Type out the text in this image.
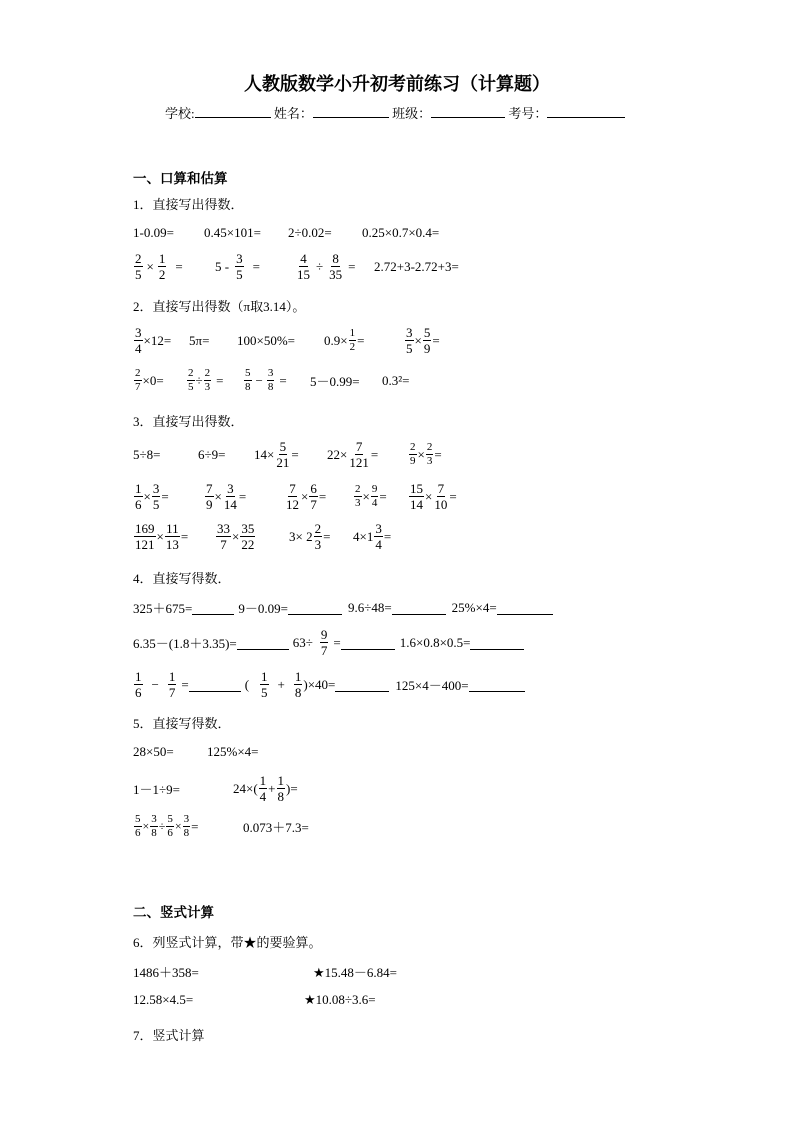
人教版数学小升初考前练习（计算题）
学校:	姓名：	班级：	考号：
一、口算和估算
1．直接写出得数．
1-0.09=	0.45×101=	2÷0.02=	0.25×0.7×0.4=
$\frac{2}{5} \times \frac{1}{2} = 5 - \frac{3}{5}$ =	$\frac{4}{15} \div \frac{8}{35} = 2.72+3-2.72+3=$
2．直接写出得数（π取3.14）。
$\frac{3}{4} \times 12= 5\pi=$	100×50%=	$0.9\times \frac{1}{2}$ =	$\frac{3}{5} \times \frac{5}{9}$ =
$\frac{2}{7} \times 0= \frac{2}{5} \div \frac{2}{3} = \frac{5}{8} - \frac{3}{8} = 5-0.99=$	0.3²=
3．直接写出得数．
5÷8=	6÷9=	$14\times \frac{5}{21} = 22\times \frac{7}{121}$ =	$\frac{2}{9} \times \frac{2}{3}$ =
$\frac{1}{6} \times \frac{3}{5}$ =	$\frac{7}{9} \times \frac{3}{14}$ =	$\frac{7}{12} \times \frac{6}{7}$ =	$\frac{2}{3} \times \frac{9}{4} = \frac{15}{14} \times \frac{7}{10}$ =
$\frac{169}{121} \times \frac{11}{13} = \frac{33}{7} \times \frac{35}{22}$	$3\times 2 \frac{2}{3} = 4\times 1 \frac{3}{4}$ =
4．直接写得数．
325＋675=	9－0.09=	9.6÷48=	25%×4=
6.35－(1.8＋3.35)=	$63\div \frac{9}{7}$ =	1.6×0.8×0.5=
$\frac{1}{6} - \frac{1}{7}$ =	( $\frac{1}{5} + \frac{1}{8} )\times 40=$	125×4－400=
5．直接写得数．
28×50=	125%×4=
1－1÷9=	$24\times( \frac{1}{4} + \frac{1}{8}$ )=
$\frac{5}{6} \times \frac{3}{8} \div \frac{5}{6} \times \frac{3}{8}$ =	0.073＋7.3=
二、竖式计算
6．列竖式计算，带★的要验算。
1486＋358=	★15.48－6.84=
12.58×4.5=	★10.08÷3.6=
7．竖式计算
